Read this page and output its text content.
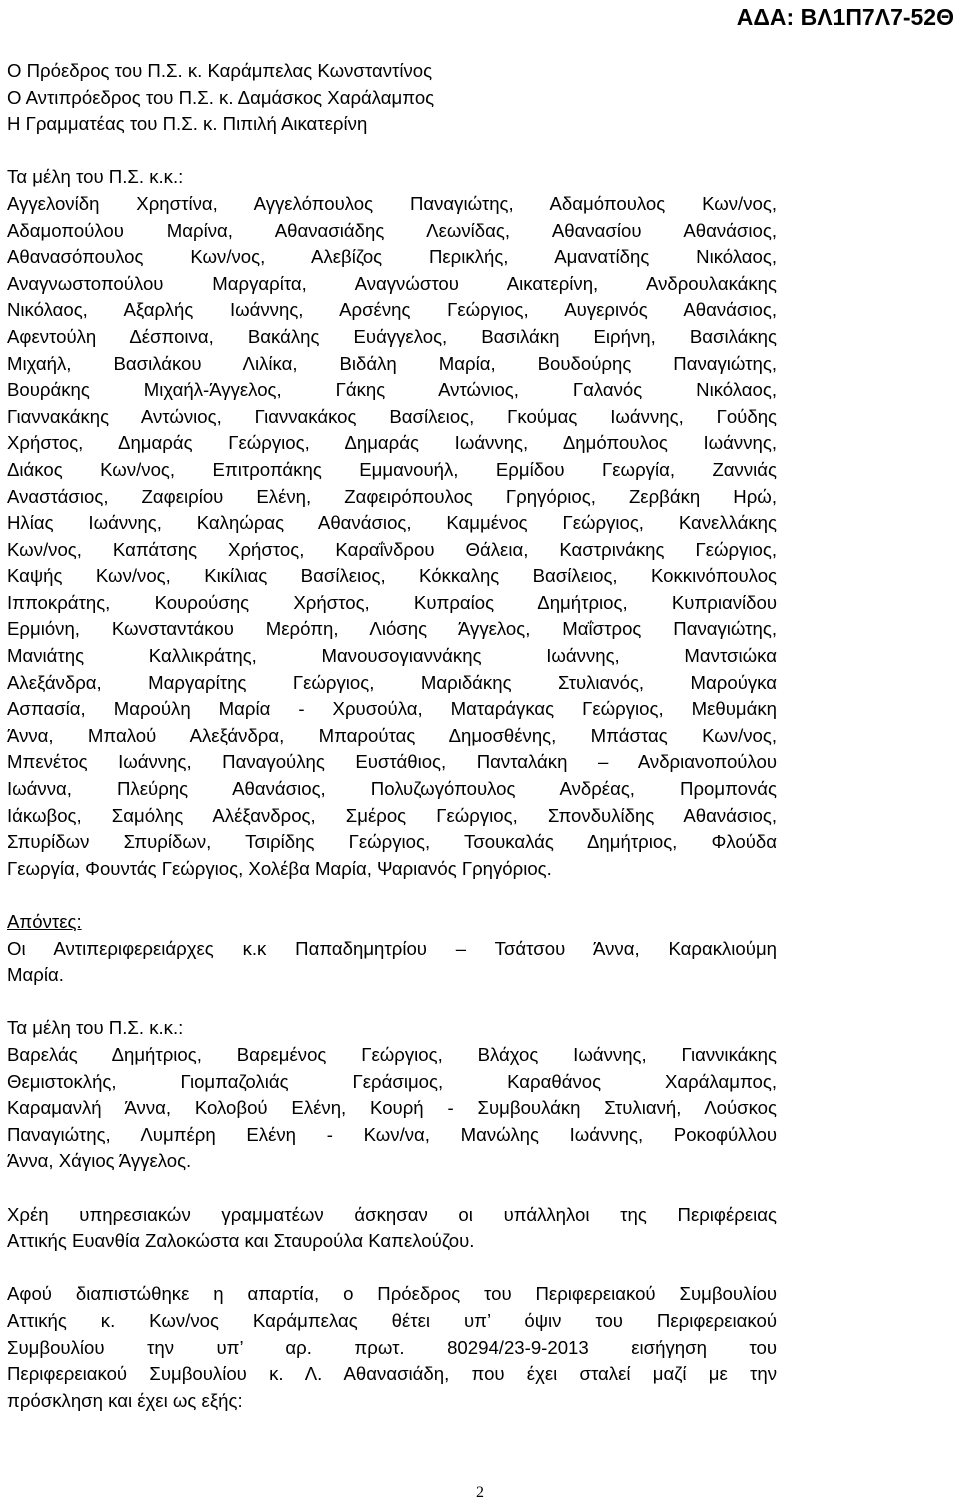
ΑΔΑ: ΒΛ1Π7Λ7-52Θ
Ο Πρόεδρος του Π.Σ. κ. Καράμπελας Κωνσταντίνος
Ο Αντιπρόεδρος του Π.Σ. κ. Δαμάσκος Χαράλαμπος
Η Γραμματέας του Π.Σ. κ. Πιπιλή Αικατερίνη
Τα μέλη του Π.Σ. κ.κ.:
Αγγελονίδη Χρηστίνα, Αγγελόπουλος Παναγιώτης, Αδαμόπουλος Κων/νος,
Αδαμοπούλου Μαρίνα, Αθανασιάδης Λεωνίδας, Αθανασίου Αθανάσιος,
Αθανασόπουλος Κων/νος, Αλεβίζος Περικλής, Αμανατίδης Νικόλαος,
Αναγνωστοπούλου Μαργαρίτα, Αναγνώστου Αικατερίνη, Ανδρουλακάκης
Νικόλαος, Αξαρλής Ιωάννης, Αρσένης Γεώργιος, Αυγερινός Αθανάσιος,
Αφεντούλη Δέσποινα, Βακάλης Ευάγγελος, Βασιλάκη Ειρήνη, Βασιλάκης
Μιχαήλ, Βασιλάκου Λιλίκα, Βιδάλη Μαρία, Βουδούρης Παναγιώτης,
Βουράκης Μιχαήλ-Άγγελος, Γάκης Αντώνιος, Γαλανός Νικόλαος,
Γιαννακάκης Αντώνιος, Γιαννακάκος Βασίλειος, Γκούμας Ιωάννης, Γούδης
Χρήστος, Δημαράς Γεώργιος, Δημαράς Ιωάννης, Δημόπουλος Ιωάννης,
Διάκος Κων/νος, Επιτροπάκης Εμμανουήλ, Ερμίδου Γεωργία, Ζαννιάς
Αναστάσιος, Ζαφειρίου Ελένη, Ζαφειρόπουλος Γρηγόριος, Ζερβάκη Ηρώ,
Ηλίας Ιωάννης, Καληώρας Αθανάσιος, Καμμένος Γεώργιος, Κανελλάκης
Κων/νος, Καπάτσης Χρήστος, Καραΐνδρου Θάλεια, Καστρινάκης Γεώργιος,
Καψής Κων/νος, Κικίλιας Βασίλειος, Κόκκαλης Βασίλειος, Κοκκινόπουλος
Ιπποκράτης, Κουρούσης Χρήστος, Κυπραίος Δημήτριος, Κυπριανίδου
Ερμιόνη, Κωνσταντάκου Μερόπη, Λιόσης Άγγελος, Μαΐστρος Παναγιώτης,
Μανιάτης Καλλικράτης, Μανουσογιαννάκης Ιωάννης, Μαντσιώκα
Αλεξάνδρα, Μαργαρίτης Γεώργιος, Μαριδάκης Στυλιανός, Μαρούγκα
Ασπασία, Μαρούλη Μαρία - Χρυσούλα, Ματαράγκας Γεώργιος, Μεθυμάκη
Άννα, Μπαλού Αλεξάνδρα, Μπαρούτας Δημοσθένης, Μπάστας Κων/νος,
Μπενέτος Ιωάννης, Παναγούλης Ευστάθιος, Πανταλάκη – Ανδριανοπούλου
Ιωάννα, Πλεύρης Αθανάσιος, Πολυζωγόπουλος Ανδρέας, Προμπονάς
Ιάκωβος, Σαμόλης Αλέξανδρος, Σμέρος Γεώργιος, Σπονδυλίδης Αθανάσιος,
Σπυρίδων Σπυρίδων, Τσιρίδης Γεώργιος, Τσουκαλάς Δημήτριος, Φλούδα
Γεωργία, Φουντάς Γεώργιος, Χολέβα Μαρία, Ψαριανός Γρηγόριος.
Απόντες:
Οι Αντιπεριφερειάρχες κ.κ Παπαδημητρίου – Τσάτσου Άννα, Καρακλιούμη
Μαρία.
Τα μέλη του Π.Σ. κ.κ.:
Βαρελάς Δημήτριος, Βαρεμένος Γεώργιος, Βλάχος Ιωάννης, Γιαννικάκης
Θεμιστοκλής, Γιομπαζολιάς Γεράσιμος, Καραθάνος Χαράλαμπος,
Καραμανλή Άννα, Κολοβού Ελένη, Κουρή - Συμβουλάκη Στυλιανή, Λούσκος
Παναγιώτης, Λυμπέρη Ελένη - Κων/να, Μανώλης Ιωάννης, Ροκοφύλλου
Άννα, Χάγιος Άγγελος.
Χρέη υπηρεσιακών γραμματέων άσκησαν οι υπάλληλοι της Περιφέρειας
Αττικής Ευανθία Ζαλοκώστα και Σταυρούλα Καπελούζου.
Αφού διαπιστώθηκε η απαρτία, ο Πρόεδρος του Περιφερειακού Συμβουλίου
Αττικής κ. Κων/νος Καράμπελας θέτει υπ’ όψιν του Περιφερειακού
Συμβουλίου την υπ’ αρ. πρωτ. 80294/23-9-2013 εισήγηση του
Περιφερειακού Συμβουλίου κ. Λ. Αθανασιάδη, που έχει σταλεί μαζί με την
πρόσκληση και έχει ως εξής:
2
